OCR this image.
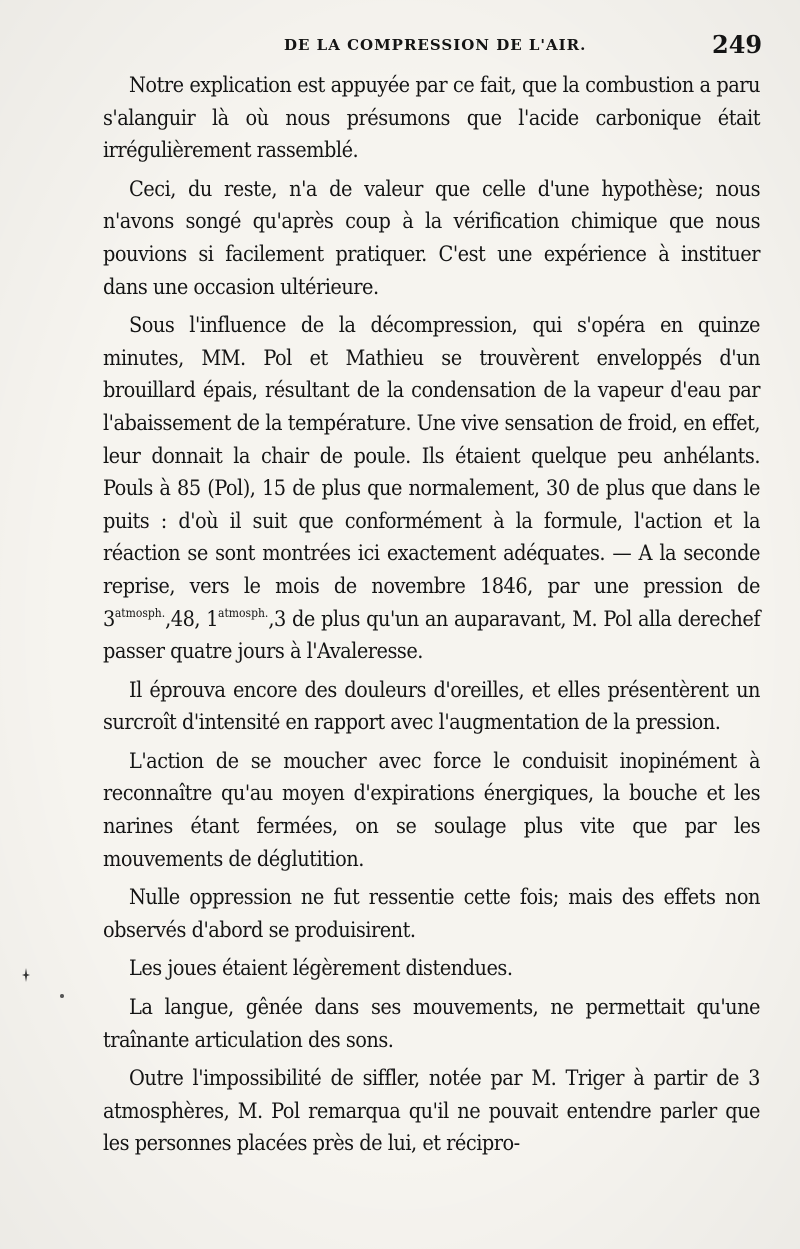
DE LA COMPRESSION DE L'AIR.	249

Notre explication est appuyée par ce fait, que la combustion a paru s'alanguir là où nous présumons que l'acide carbonique était irrégulièrement rassemblé.

Ceci, du reste, n'a de valeur que celle d'une hypothèse; nous n'avons songé qu'après coup à la vérification chimique que nous pouvions si facilement pratiquer. C'est une expérience à instituer dans une occasion ultérieure.

Sous l'influence de la décompression, qui s'opéra en quinze minutes, MM. Pol et Mathieu se trouvèrent enveloppés d'un brouillard épais, résultant de la condensation de la vapeur d'eau par l'abaissement de la température. Une vive sensation de froid, en effet, leur donnait la chair de poule. Ils étaient quelque peu anhélants. Pouls à 85 (Pol), 15 de plus que normalement, 30 de plus que dans le puits : d'où il suit que conformément à la formule, l'action et la réaction se sont montrées ici exactement adéquates. — A la seconde reprise, vers le mois de novembre 1846, par une pression de $3^{atmosph.},48$, $1^{atmosph.},3$ de plus qu'un an auparavant, M. Pol alla derechef passer quatre jours à l'Avaleresse.

Il éprouva encore des douleurs d'oreilles, et elles présentèrent un surcroît d'intensité en rapport avec l'augmentation de la pression.

L'action de se moucher avec force le conduisit inopinément à reconnaître qu'au moyen d'expirations énergiques, la bouche et les narines étant fermées, on se soulage plus vite que par les mouvements de déglutition.

Nulle oppression ne fut ressentie cette fois; mais des effets non observés d'abord se produisirent.

Les joues étaient légèrement distendues.

La langue, gênée dans ses mouvements, ne permettait qu'une traînante articulation des sons.

Outre l'impossibilité de siffler, notée par M. Triger à partir de 3 atmosphères, M. Pol remarqua qu'il ne pouvait entendre parler que les personnes placées près de lui, et récipro-
